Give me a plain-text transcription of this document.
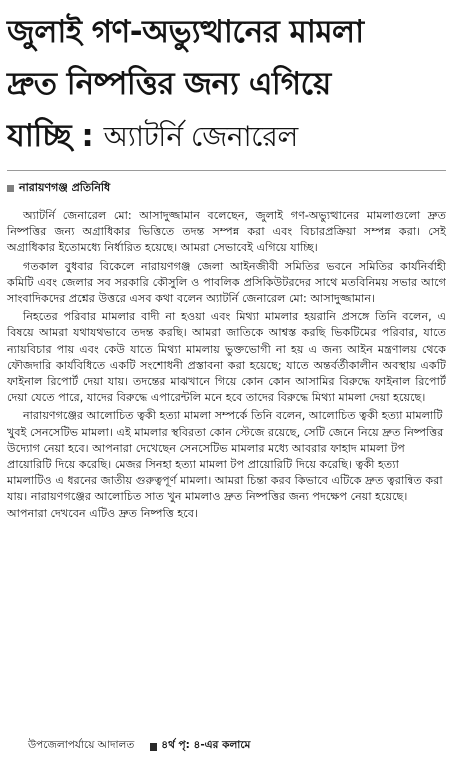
জুলাই গণ-অভ্যুত্থানের মামলা
দ্রুত নিষ্পত্তির জন্য এগিয়ে
যাচ্ছি : অ্যাটর্নি জেনারেল
নারায়ণগঞ্জ প্রতিনিধি

অ্যাটর্নি জেনারেল মো: আসাদুজ্জামান বলেছেন, জুলাই গণ-অভ্যুত্থানের মামলাগুলো দ্রুত নিষ্পত্তির জন্য অগ্রাধিকার ভিত্তিতে তদন্ত সম্পন্ন করা এবং বিচারপ্রক্রিয়া সম্পন্ন করা। সেই অগ্রাধিকার ইতোমধ্যে নির্ধারিত হয়েছে। আমরা সেভাবেই এগিয়ে যাচ্ছি।

গতকাল বুধবার বিকেলে নারায়ণগঞ্জ জেলা আইনজীবী সমিতির ভবনে সমিতির কার্যনির্বাহী কমিটি এবং জেলার সব সরকারি কৌসুলি ও পাবলিক প্রসিকিউটরদের সাথে মতবিনিময় সভার আগে সাংবাদিকদের প্রশ্নের উত্তরে এসব কথা বলেন অ্যাটর্নি জেনারেল মো: আসাদুজ্জামান।

নিহতের পরিবার মামলার বাদী না হওয়া এবং মিথ্যা মামলার হয়রানি প্রসঙ্গে তিনি বলেন, এ বিষয়ে আমরা যথাযথভাবে তদন্ত করছি। আমরা জাতিকে আশ্বস্ত করছি ভিকটিমের পরিবার, যাতে ন্যায়বিচার পায় এবং কেউ যাতে মিথ্যা মামলায় ভুক্তভোগী না হয় এ জন্য আইন মন্ত্রণালয় থেকে ফৌজদারি কার্যবিধিতে একটি সংশোধনী প্রস্তাবনা করা হয়েছে; যাতে অন্তর্বর্তীকালীন অবস্থায় একটি ফাইনাল রিপোর্ট দেয়া যায়। তদন্তের মাঝখানে গিয়ে কোন কোন আসামির বিরুদ্ধে ফাইনাল রিপোর্ট দেয়া যেতে পারে, যাদের বিরুদ্ধে এপারেন্টলি মনে হবে তাদের বিরুদ্ধে মিথ্যা মামলা দেয়া হয়েছে।

নারায়ণগঞ্জের আলোচিত ত্বকী হত্যা মামলা সম্পর্কে তিনি বলেন, আলোচিত ত্বকী হত্যা মামলাটি খুবই সেনসেটিভ মামলা। এই মামলার স্থবিরতা কোন স্টেজে রয়েছে, সেটি জেনে নিয়ে দ্রুত নিষ্পত্তির উদ্যোগ নেয়া হবে। আপনারা দেখেছেন সেনসেটিভ মামলার মধ্যে আবরার ফাহাদ মামলা টপ প্রায়োরিটি দিয়ে করেছি। মেজর সিনহা হত্যা মামলা টপ প্রায়োরিটি দিয়ে করেছি। ত্বকী হত্যা মামলাটিও এ ধরনের জাতীয় গুরুত্বপূর্ণ মামলা। আমরা চিন্তা করব কিভাবে এটিকে দ্রুত ত্বরান্বিত করা যায়। নারায়ণগঞ্জের আলোচিত সাত খুন মামলাও দ্রুত নিষ্পত্তির জন্য পদক্ষেপ নেয়া হয়েছে। আপনারা দেখবেন এটিও দ্রুত নিষ্পত্তি হবে।

উপজেলাপর্যায়ে আদালত	৪র্থ পৃ: ৪-এর কলামে
